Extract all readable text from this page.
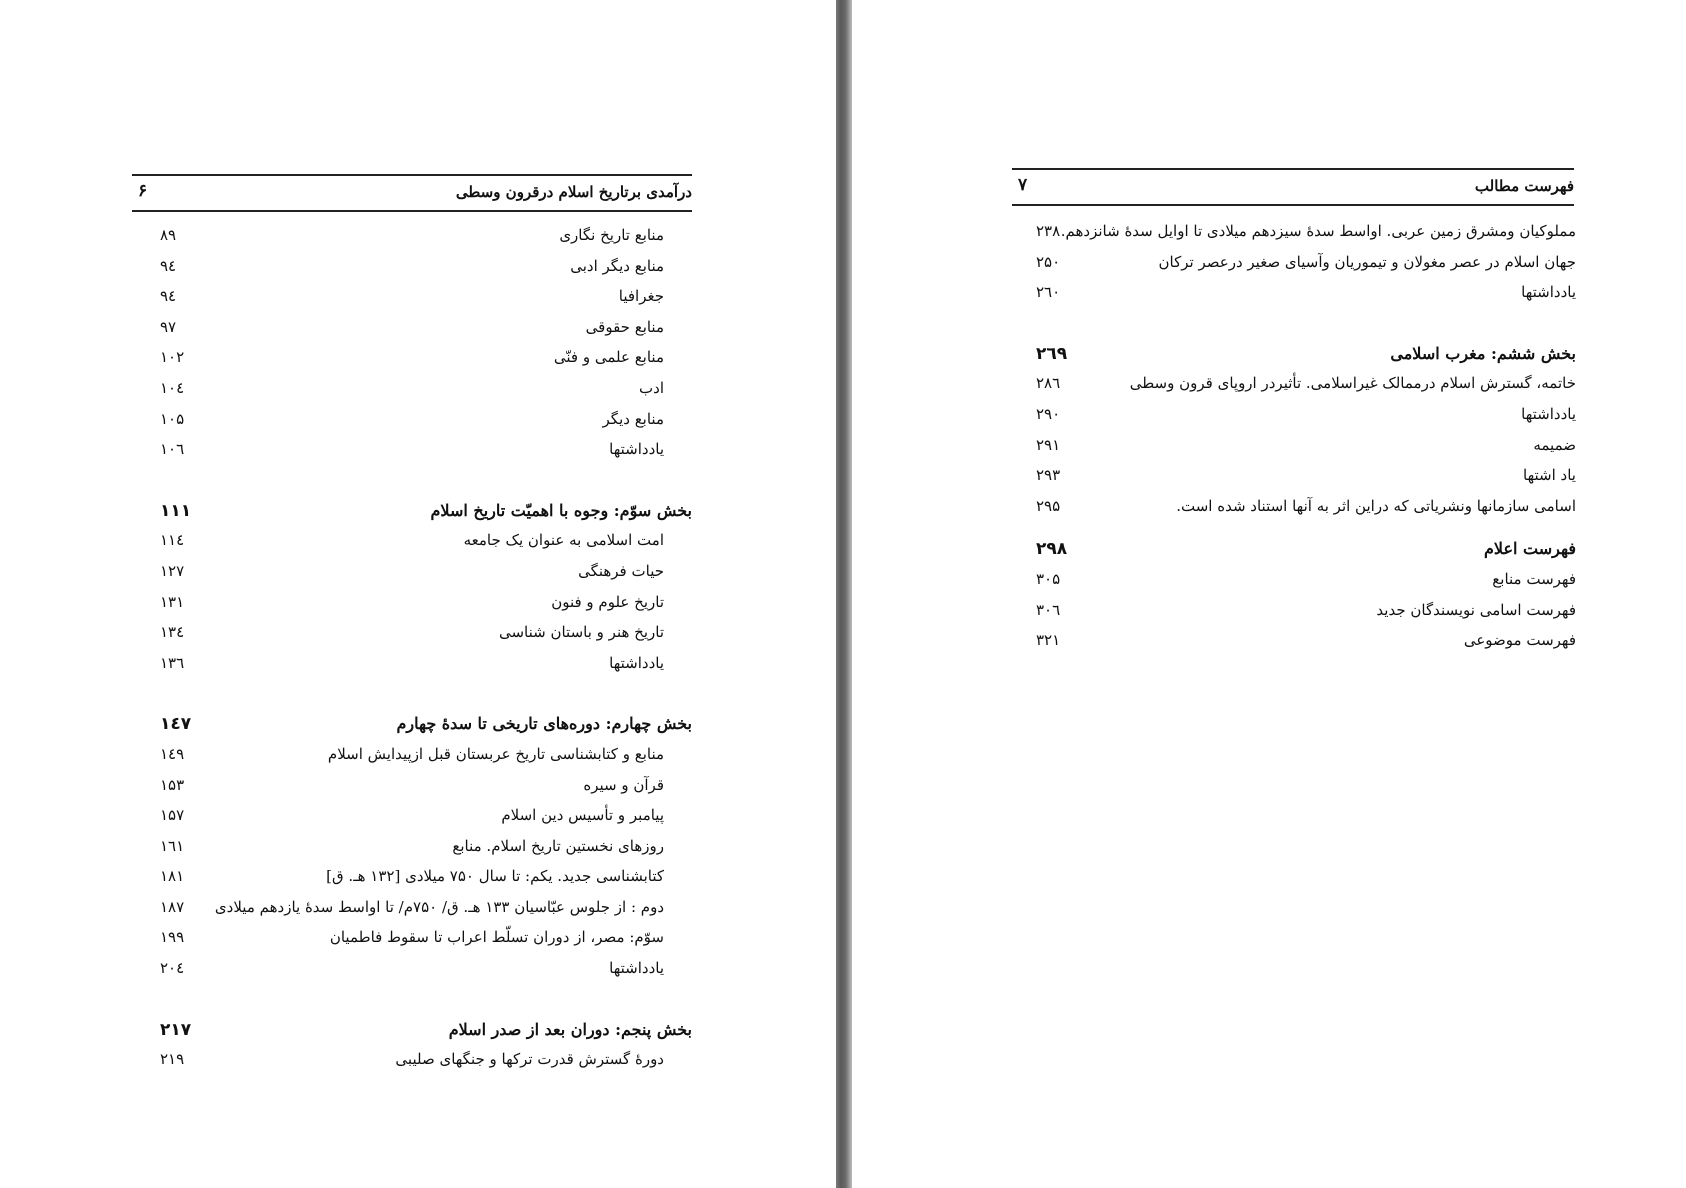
درآمدی برتاریخ اسلام درقرون وسطی
۶
منابع تاریخ نگاری
۸۹
منابع دیگر ادبی
۹٤
جغرافیا
۹٤
منابع حقوقی
۹۷
منابع علمی و فنّی
۱۰۲
ادب
۱۰٤
منابع دیگر
۱۰۵
یادداشتها
۱۰٦
بخش سوّم: وجوه با اهمیّت تاریخ اسلام
۱۱۱
امت اسلامی به عنوان یک جامعه
۱۱٤
حیات فرهنگی
۱۲۷
تاریخ علوم و فنون
۱۳۱
تاریخ هنر و باستان شناسی
۱۳٤
یادداشتها
۱۳٦
بخش چهارم: دوره‌های تاریخی تا سدهٔ چهارم
۱٤۷
منابع و کتابشناسی تاریخ عربستان قبل ازپیدایش اسلام
۱٤۹
قرآن و سیره
۱۵۳
پیامبر و تأسیس دین اسلام
۱۵۷
روزهای نخستین تاریخ اسلام. منابع
۱٦۱
کتابشناسی جدید. یکم: تا سال ۷۵۰ میلادی [۱۳۲ هـ. ق]
۱۸۱
دوم : از جلوس عبّاسیان ۱۳۳ هـ. ق/ ۷۵۰م/ تا اواسط سدهٔ یازدهم میلادی
۱۸۷
سوّم: مصر، از دوران تسلّط اعراب تا سقوط فاطمیان
۱۹۹
یادداشتها
۲۰٤
بخش پنجم: دوران بعد از صدر اسلام
۲۱۷
دورهٔ گسترش قدرت ترکها و جنگهای صلیبی
۲۱۹
فهرست مطالب
۷
مملوکیان ومشرق زمین عربی. اواسط سدهٔ سیزدهم میلادی تا اوایل سدهٔ شانزدهم.
۲۳۸
جهان اسلام در عصر مغولان و تیموریان وآسیای صغیر درعصر ترکان
۲۵۰
یادداشتها
۲٦۰
بخش ششم: مغرب اسلامی
۲٦۹
خاتمه، گسترش اسلام درممالک غیراسلامی. تأثیردر اروپای قرون وسطی
۲۸٦
یادداشتها
۲۹۰
ضمیمه
۲۹۱
یاد اشتها
۲۹۳
اسامی سازمانها ونشریاتی که دراین اثر به آنها استناد شده است.
۲۹۵
فهرست اعلام
۲۹۸
فهرست منابع
۳۰۵
فهرست اسامی نویسندگان جدید
۳۰٦
فهرست موضوعی
۳۲۱
